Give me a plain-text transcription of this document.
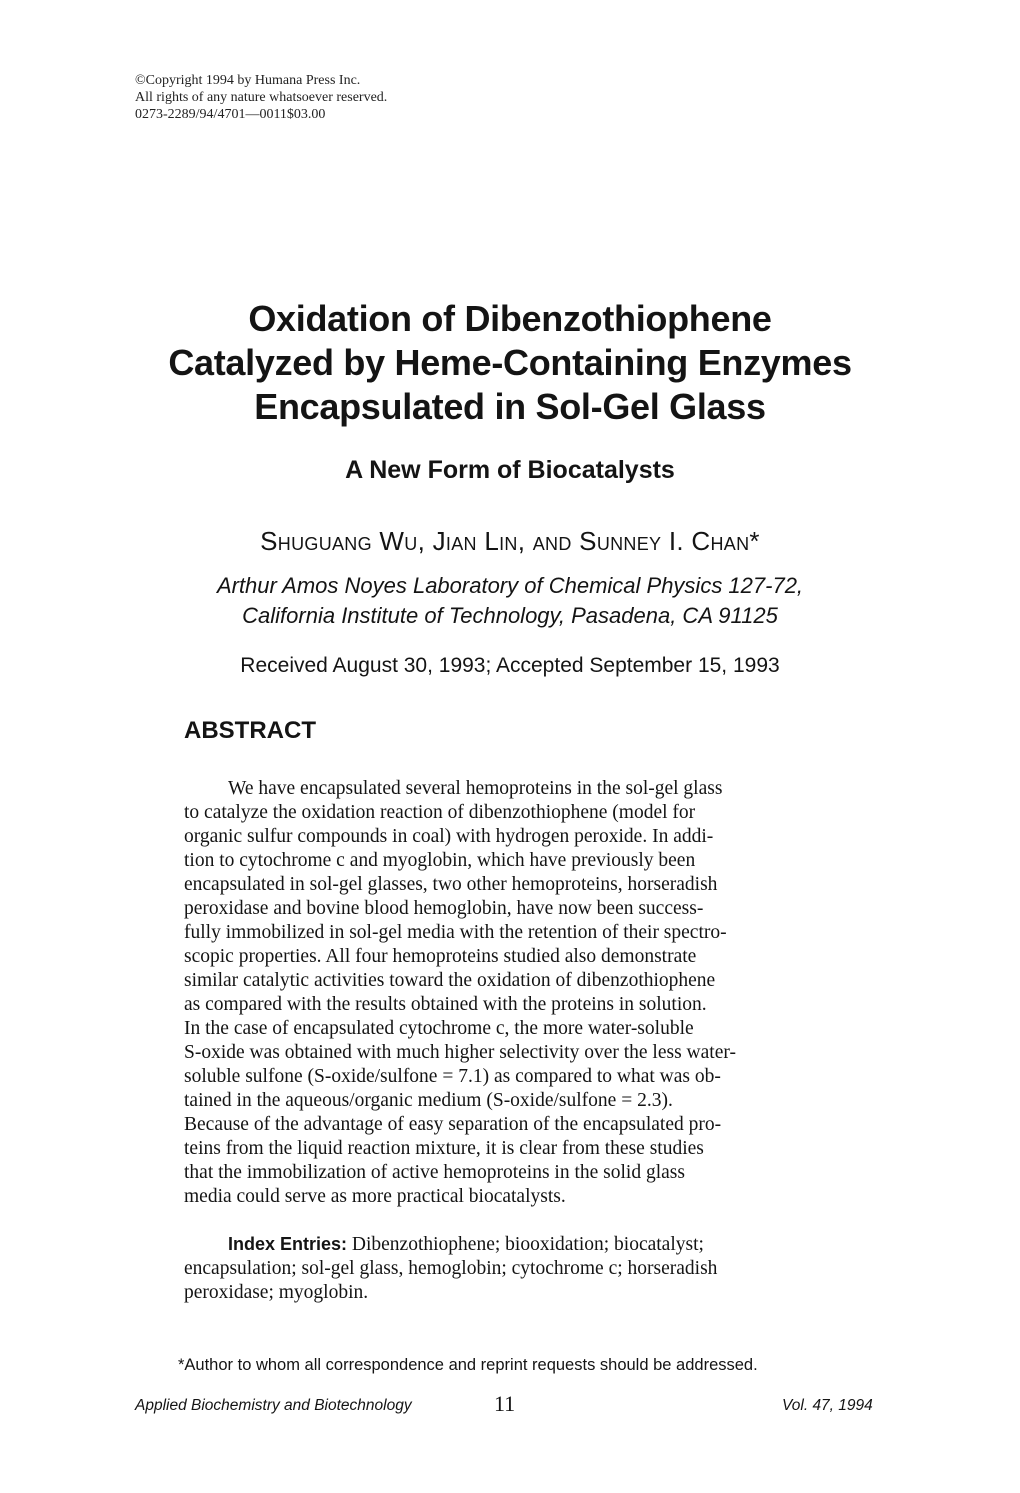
©Copyright 1994 by Humana Press Inc.
All rights of any nature whatsoever reserved.
0273-2289/94/4701—0011$03.00
Oxidation of Dibenzothiophene
Catalyzed by Heme-Containing Enzymes
Encapsulated in Sol-Gel Glass
A New Form of Biocatalysts
Shuguang Wu, Jian Lin, and Sunney I. Chan*
Arthur Amos Noyes Laboratory of Chemical Physics 127-72,
California Institute of Technology, Pasadena, CA 91125
Received August 30, 1993; Accepted September 15, 1993
ABSTRACT
We have encapsulated several hemoproteins in the sol-gel glass
to catalyze the oxidation reaction of dibenzothiophene (model for
organic sulfur compounds in coal) with hydrogen peroxide. In addi-
tion to cytochrome c and myoglobin, which have previously been
encapsulated in sol-gel glasses, two other hemoproteins, horseradish
peroxidase and bovine blood hemoglobin, have now been success-
fully immobilized in sol-gel media with the retention of their spectro-
scopic properties. All four hemoproteins studied also demonstrate
similar catalytic activities toward the oxidation of dibenzothiophene
as compared with the results obtained with the proteins in solution.
In the case of encapsulated cytochrome c, the more water-soluble
S-oxide was obtained with much higher selectivity over the less water-
soluble sulfone (S-oxide/sulfone = 7.1) as compared to what was ob-
tained in the aqueous/organic medium (S-oxide/sulfone = 2.3).
Because of the advantage of easy separation of the encapsulated pro-
teins from the liquid reaction mixture, it is clear from these studies
that the immobilization of active hemoproteins in the solid glass
media could serve as more practical biocatalysts.
Index Entries: Dibenzothiophene; biooxidation; biocatalyst;
encapsulation; sol-gel glass, hemoglobin; cytochrome c; horseradish
peroxidase; myoglobin.
*Author to whom all correspondence and reprint requests should be addressed.
Applied Biochemistry and Biotechnology	11	Vol. 47, 1994
